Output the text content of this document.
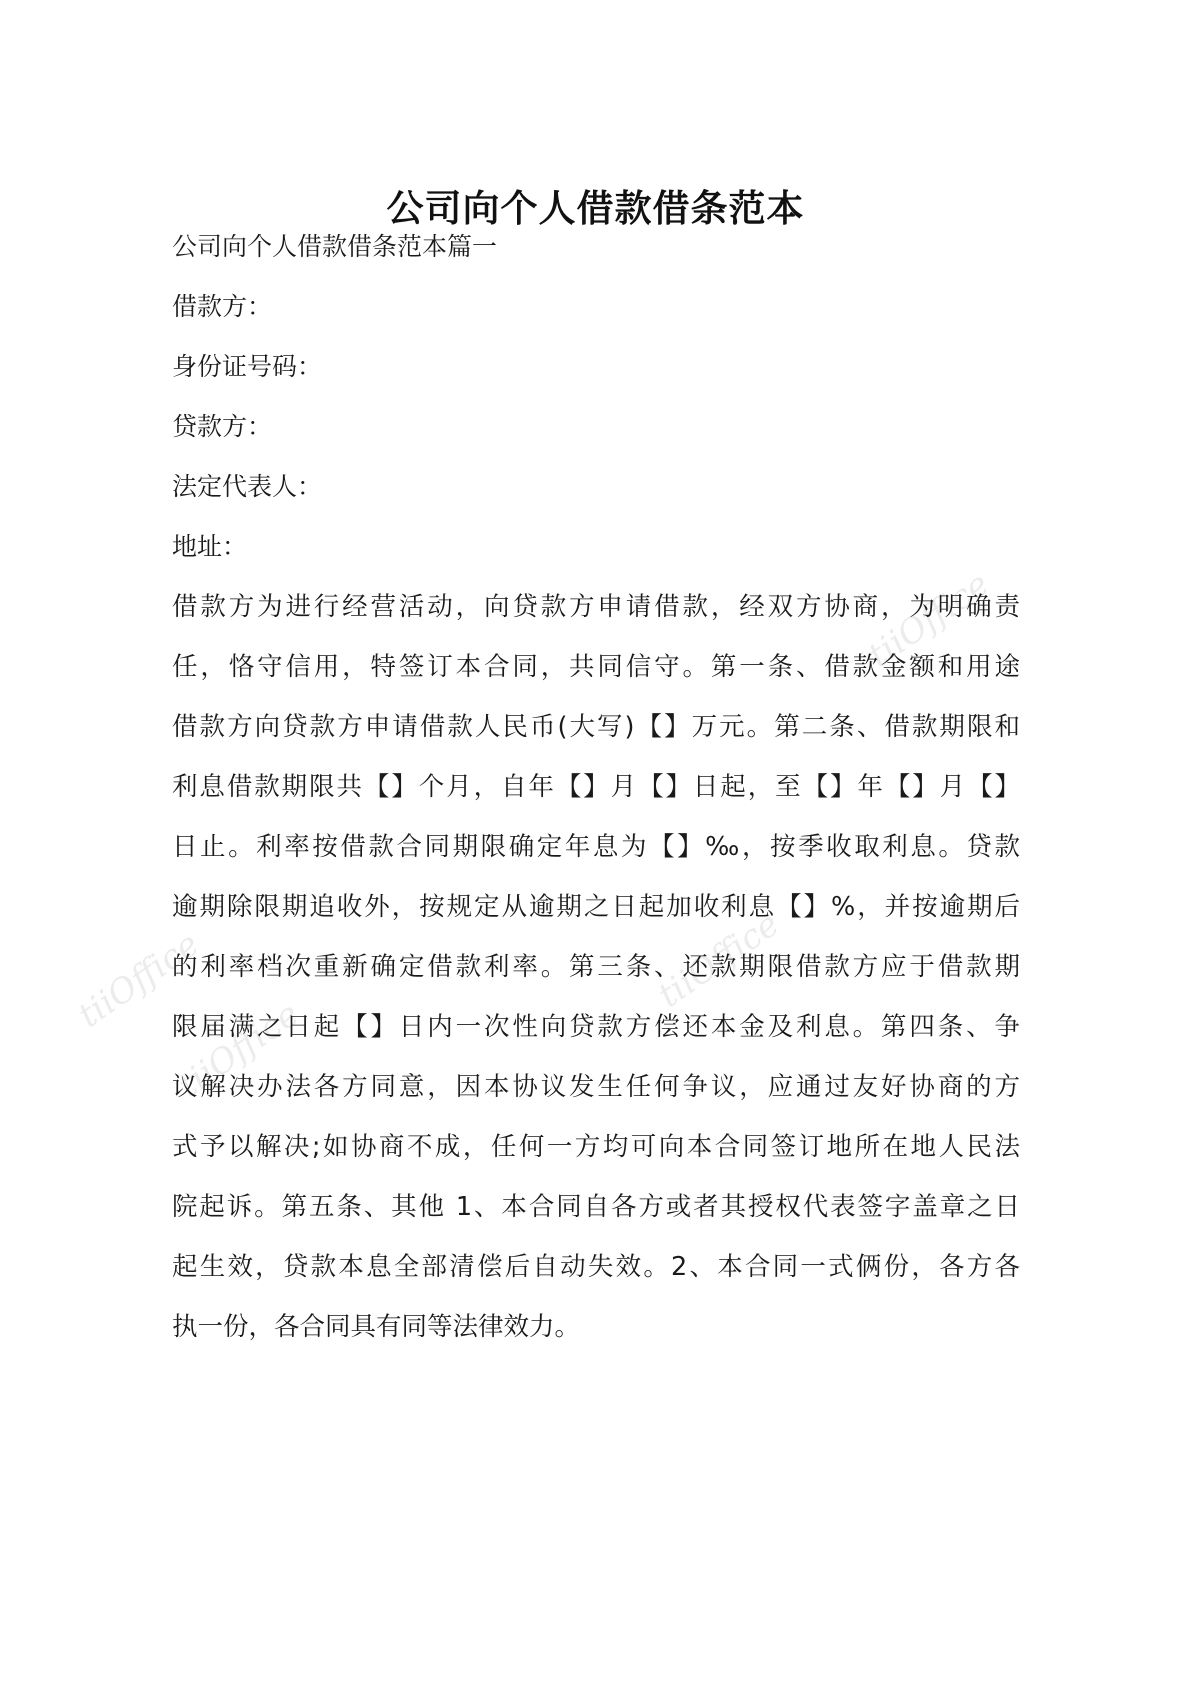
tiiOffice	tiiOffice
tiiOffice
tiiOffice
公司向个人借款借条范本
公司向个人借款借条范本篇一
借款方：
身份证号码：
贷款方：
法定代表人：
地址：
借款方为进行经营活动，向贷款方申请借款，经双方协商，为明确责
任，恪守信用，特签订本合同，共同信守。第一条、借款金额和用途
借款方向贷款方申请借款人民币(大写)【】万元。第二条、借款期限和
利息借款期限共【】个月，自年【】月【】日起，至【】年【】月【】
日止。利率按借款合同期限确定年息为【】‰，按季收取利息。贷款
逾期除限期追收外，按规定从逾期之日起加收利息【】%，并按逾期后
的利率档次重新确定借款利率。第三条、还款期限借款方应于借款期
限届满之日起【】日内一次性向贷款方偿还本金及利息。第四条、争
议解决办法各方同意，因本协议发生任何争议，应通过友好协商的方
式予以解决;如协商不成，任何一方均可向本合同签订地所在地人民法
院起诉。第五条、其他 1、本合同自各方或者其授权代表签字盖章之日
起生效，贷款本息全部清偿后自动失效。2、本合同一式俩份，各方各
执一份，各合同具有同等法律效力。
